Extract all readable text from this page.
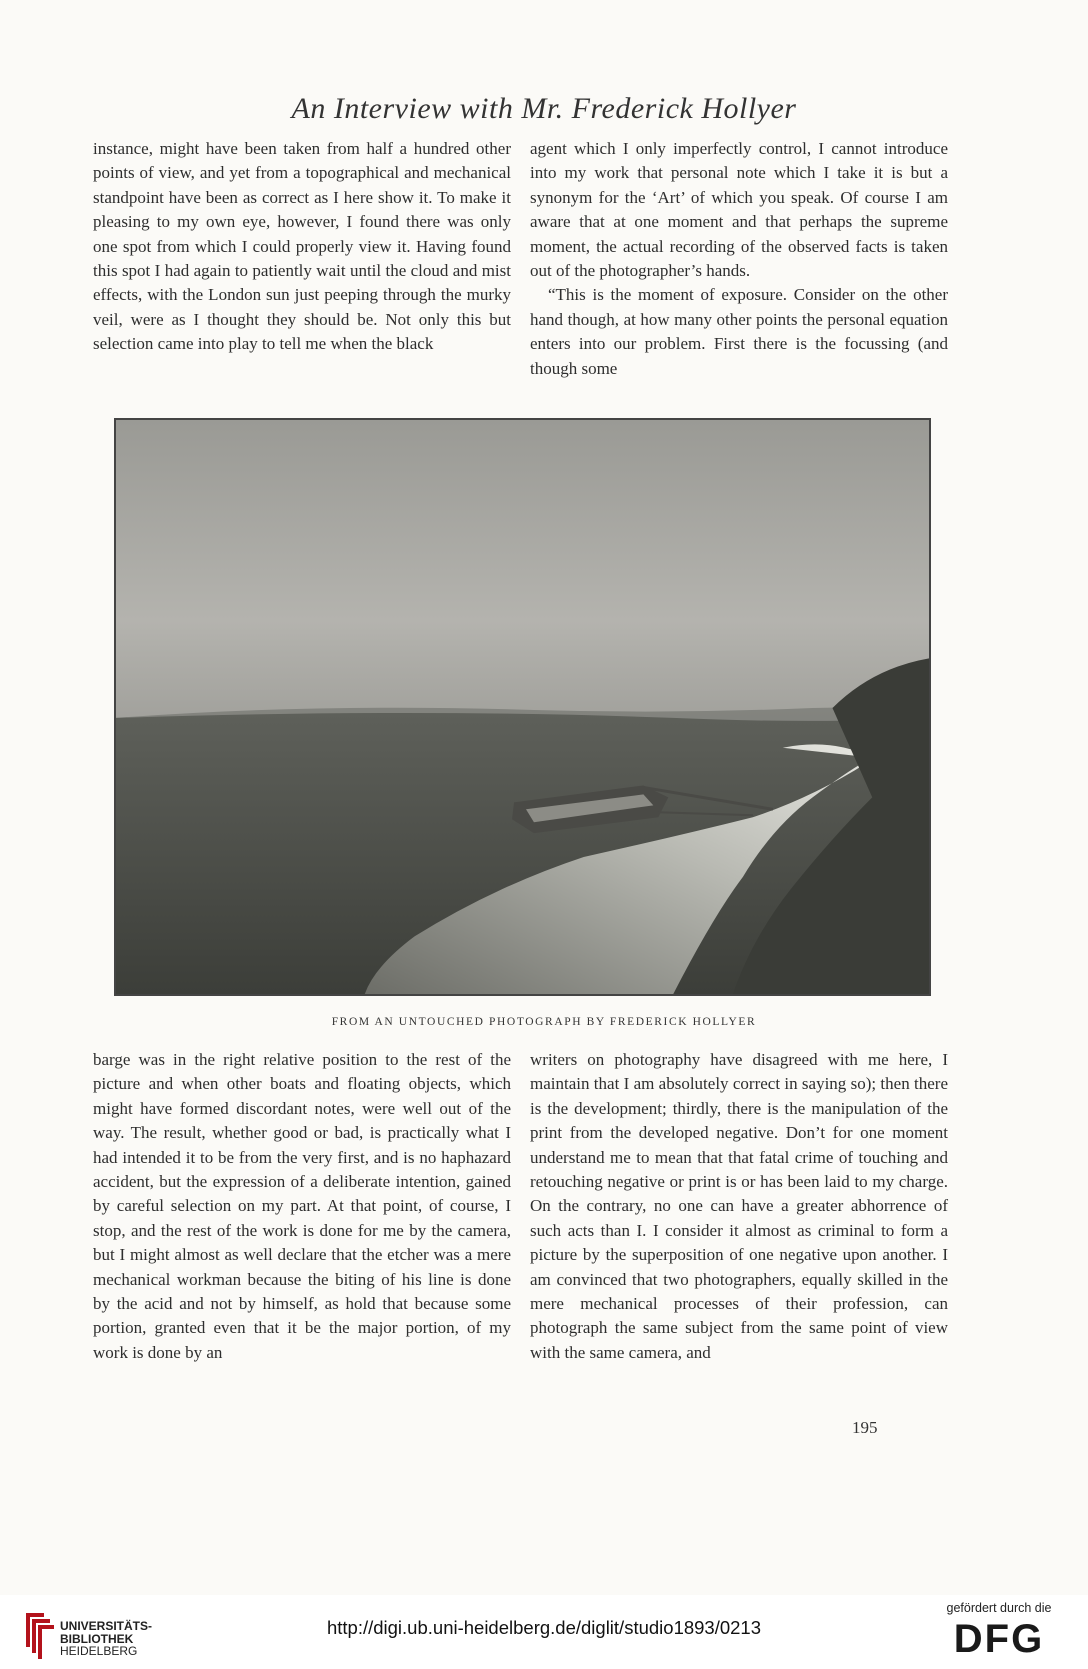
An Interview with Mr. Frederick Hollyer

instance, might have been taken from half a hundred other points of view, and yet from a topographical and mechanical standpoint have been as correct as I here show it. To make it pleasing to my own eye, however, I found there was only one spot from which I could properly view it. Having found this spot I had again to patiently wait until the cloud and mist effects, with the London sun just peeping through the murky veil, were as I thought they should be. Not only this but selection came into play to tell me when the black

agent which I only imperfectly control, I cannot introduce into my work that personal note which I take it is but a synonym for the ‘Art’ of which you speak. Of course I am aware that at one moment and that perhaps the supreme moment, the actual recording of the observed facts is taken out of the photographer’s hands.

“This is the moment of exposure. Consider on the other hand though, at how many other points the personal equation enters into our problem. First there is the focussing (and though some

FROM AN UNTOUCHED PHOTOGRAPH BY FREDERICK HOLLYER

barge was in the right relative position to the rest of the picture and when other boats and floating objects, which might have formed discordant notes, were well out of the way. The result, whether good or bad, is practically what I had intended it to be from the very first, and is no haphazard accident, but the expression of a deliberate intention, gained by careful selection on my part. At that point, of course, I stop, and the rest of the work is done for me by the camera, but I might almost as well declare that the etcher was a mere mechanical workman because the biting of his line is done by the acid and not by himself, as hold that because some portion, granted even that it be the major portion, of my work is done by an

writers on photography have disagreed with me here, I maintain that I am absolutely correct in saying so); then there is the development; thirdly, there is the manipulation of the print from the developed negative. Don’t for one moment understand me to mean that that fatal crime of touching and retouching negative or print is or has been laid to my charge. On the contrary, no one can have a greater abhorrence of such acts than I. I consider it almost as criminal to form a picture by the superposition of one negative upon another. I am convinced that two photographers, equally skilled in the mere mechanical processes of their profession, can photograph the same subject from the same point of view with the same camera, and

195
UNIVERSITÄTS-
BIBLIOTHEK
HEIDELBERG
http://digi.ub.uni-heidelberg.de/diglit/studio1893/0213
gefördert durch die
DFG
